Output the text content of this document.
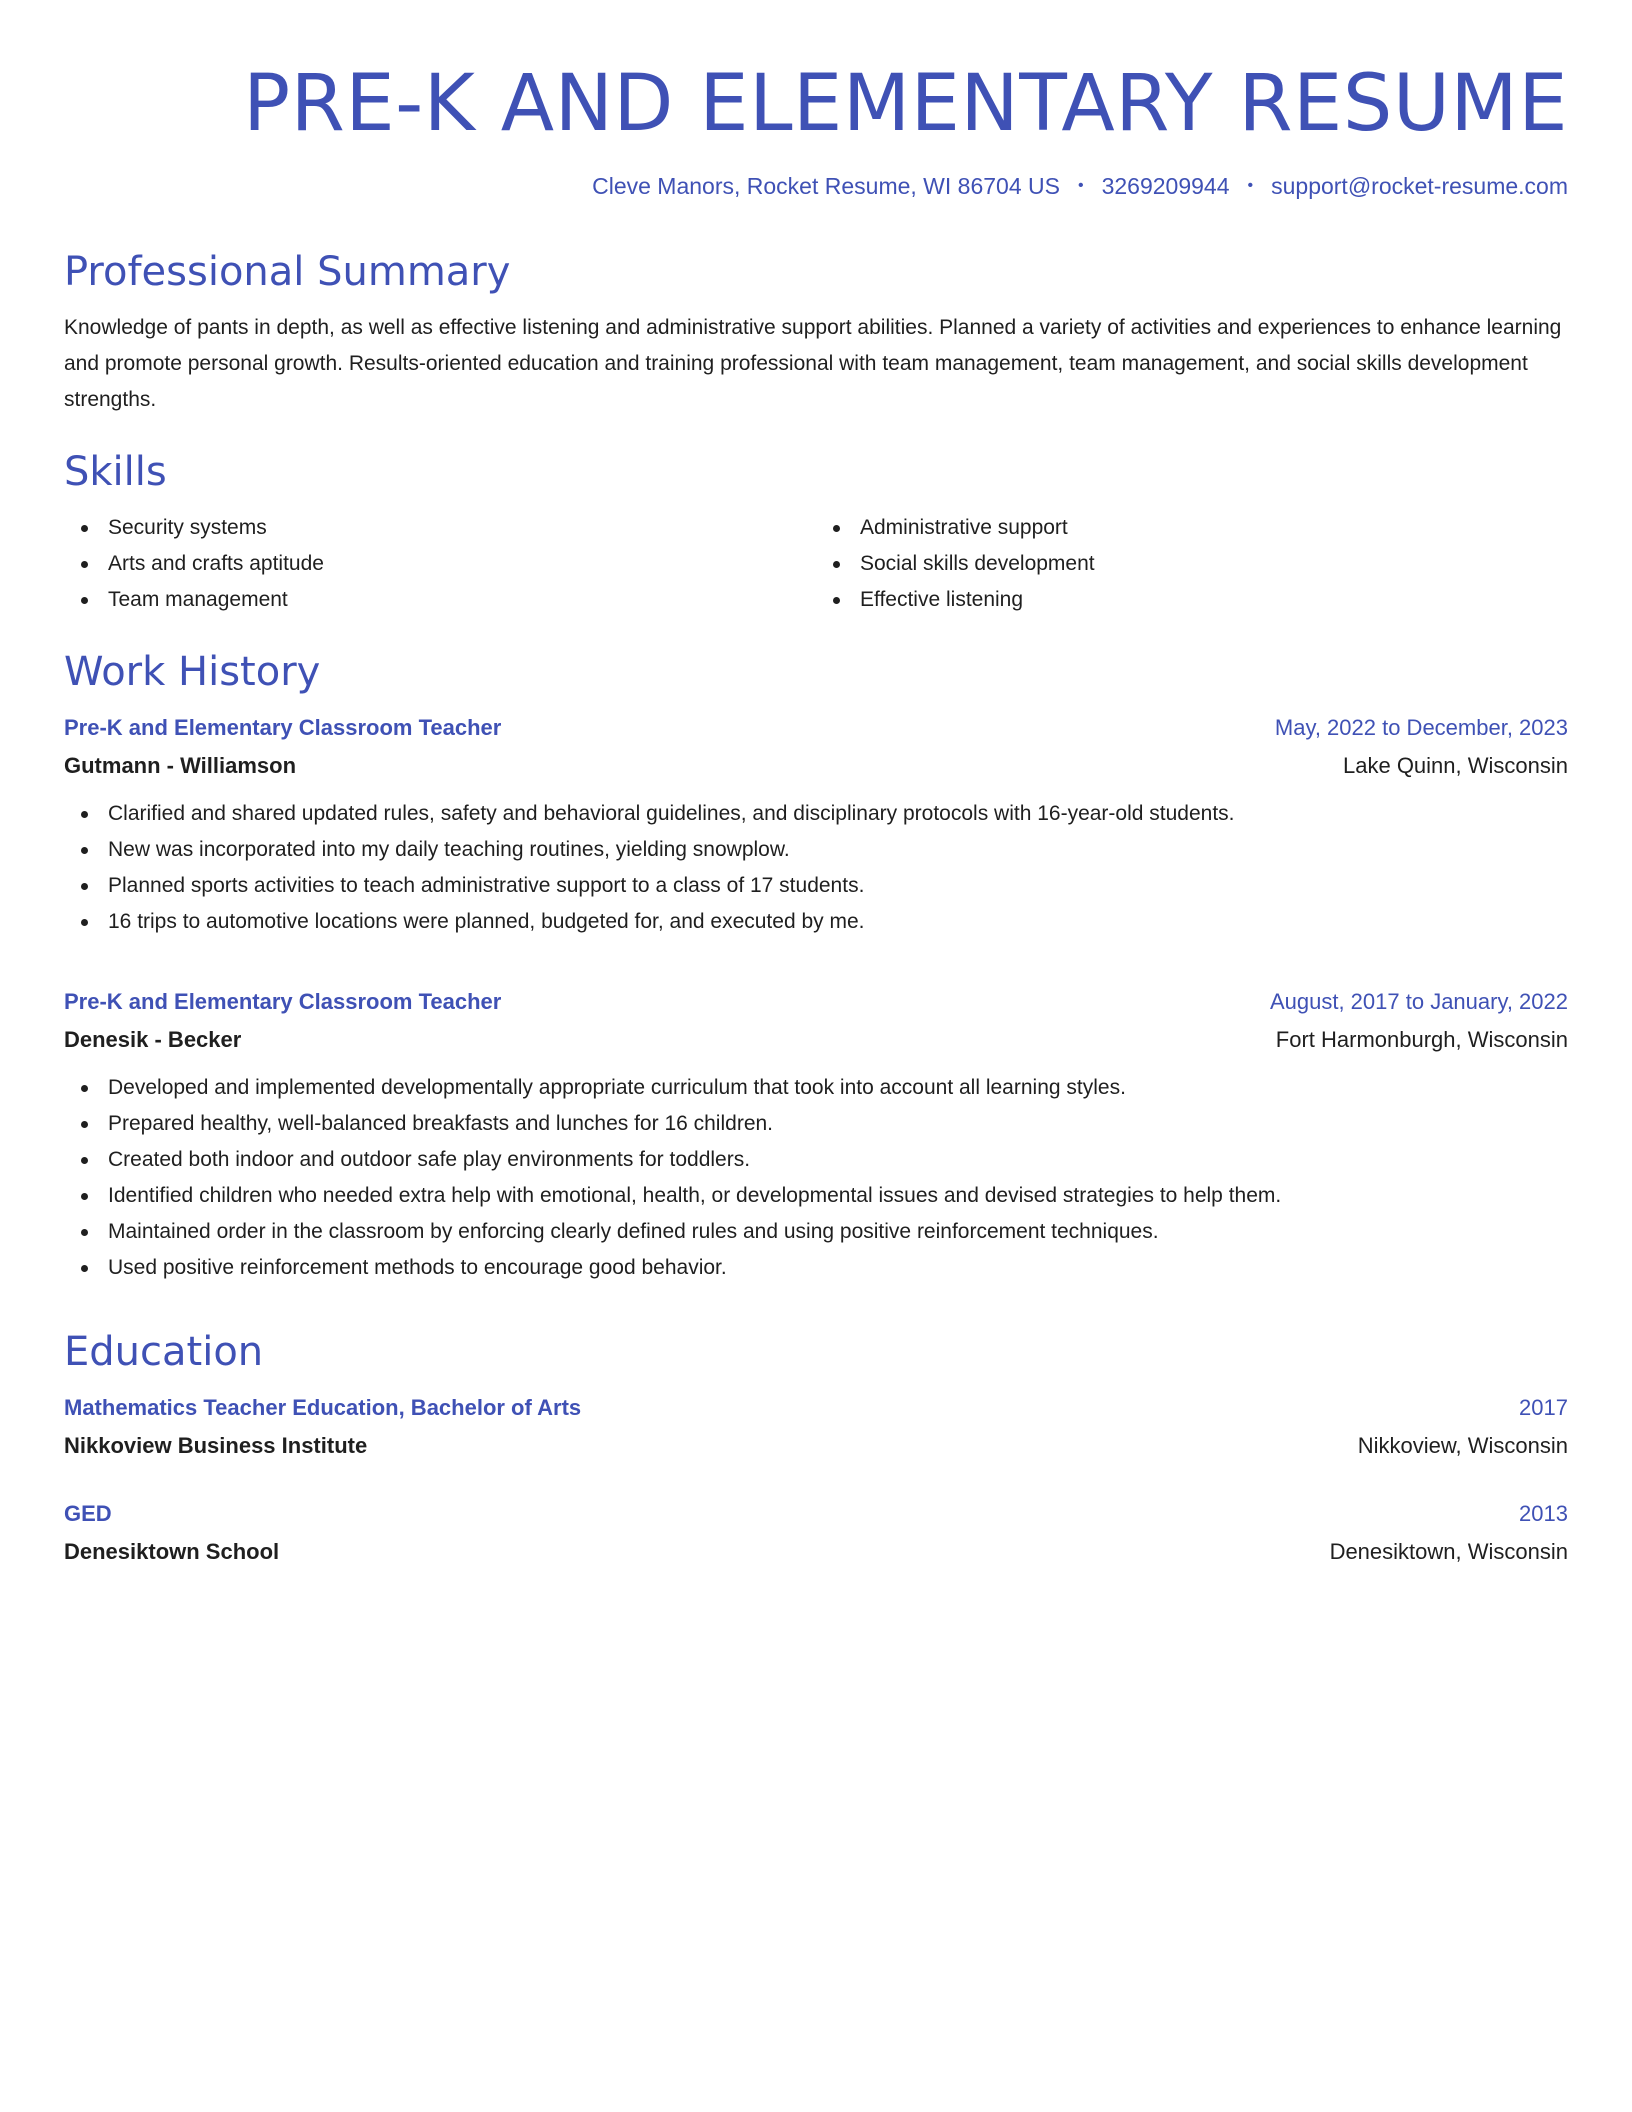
PRE-K AND ELEMENTARY RESUME
Cleve Manors, Rocket Resume, WI 86704 US • 3269209944 • support@rocket-resume.com
Professional Summary

Knowledge of pants in depth, as well as effective listening and administrative support abilities. Planned a variety of activities and experiences to enhance learning and promote personal growth. Results-oriented education and training professional with team management, team management, and social skills development strengths.

Skills
Security systems
Arts and crafts aptitude
Team management
Administrative support
Social skills development
Effective listening
Work History
Pre-K and Elementary Classroom Teacher	May, 2022 to December, 2023
Gutmann - Williamson	Lake Quinn, Wisconsin
Clarified and shared updated rules, safety and behavioral guidelines, and disciplinary protocols with 16-year-old students.
New was incorporated into my daily teaching routines, yielding snowplow.
Planned sports activities to teach administrative support to a class of 17 students.
16 trips to automotive locations were planned, budgeted for, and executed by me.
Pre-K and Elementary Classroom Teacher	August, 2017 to January, 2022
Denesik - Becker	Fort Harmonburgh, Wisconsin
Developed and implemented developmentally appropriate curriculum that took into account all learning styles.
Prepared healthy, well-balanced breakfasts and lunches for 16 children.
Created both indoor and outdoor safe play environments for toddlers.
Identified children who needed extra help with emotional, health, or developmental issues and devised strategies to help them.
Maintained order in the classroom by enforcing clearly defined rules and using positive reinforcement techniques.
Used positive reinforcement methods to encourage good behavior.
Education
Mathematics Teacher Education, Bachelor of Arts	2017
Nikkoview Business Institute	Nikkoview, Wisconsin
GED	2013
Denesiktown School	Denesiktown, Wisconsin
